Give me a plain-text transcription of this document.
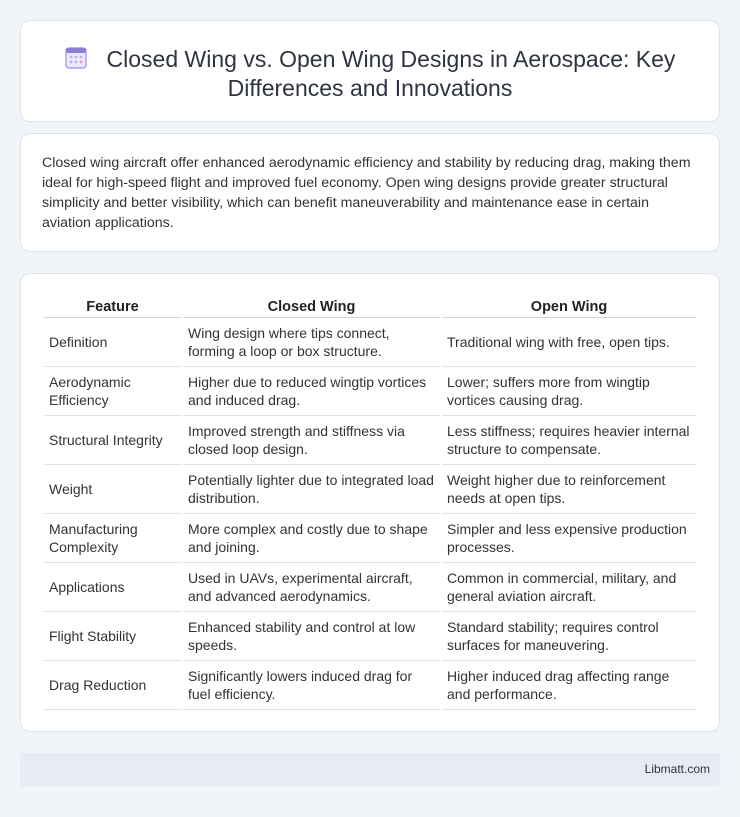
Closed Wing vs. Open Wing Designs in Aerospace: Key Differences and Innovations

Closed wing aircraft offer enhanced aerodynamic efficiency and stability by reducing drag, making them ideal for high-speed flight and improved fuel economy. Open wing designs provide greater structural simplicity and better visibility, which can benefit maneuverability and maintenance ease in certain aviation applications.

Feature	Closed Wing	Open Wing
Definition	Wing design where tips connect, forming a loop or box structure.	Traditional wing with free, open tips.
Aerodynamic Efficiency	Higher due to reduced wingtip vortices and induced drag.	Lower; suffers more from wingtip vortices causing drag.
Structural Integrity	Improved strength and stiffness via closed loop design.	Less stiffness; requires heavier internal structure to compensate.
Weight	Potentially lighter due to integrated load distribution.	Weight higher due to reinforcement needs at open tips.
Manufacturing Complexity	More complex and costly due to shape and joining.	Simpler and less expensive production processes.
Applications	Used in UAVs, experimental aircraft, and advanced aerodynamics.	Common in commercial, military, and general aviation aircraft.
Flight Stability	Enhanced stability and control at low speeds.	Standard stability; requires control surfaces for maneuvering.
Drag Reduction	Significantly lowers induced drag for fuel efficiency.	Higher induced drag affecting range and performance.
Libmatt.com
